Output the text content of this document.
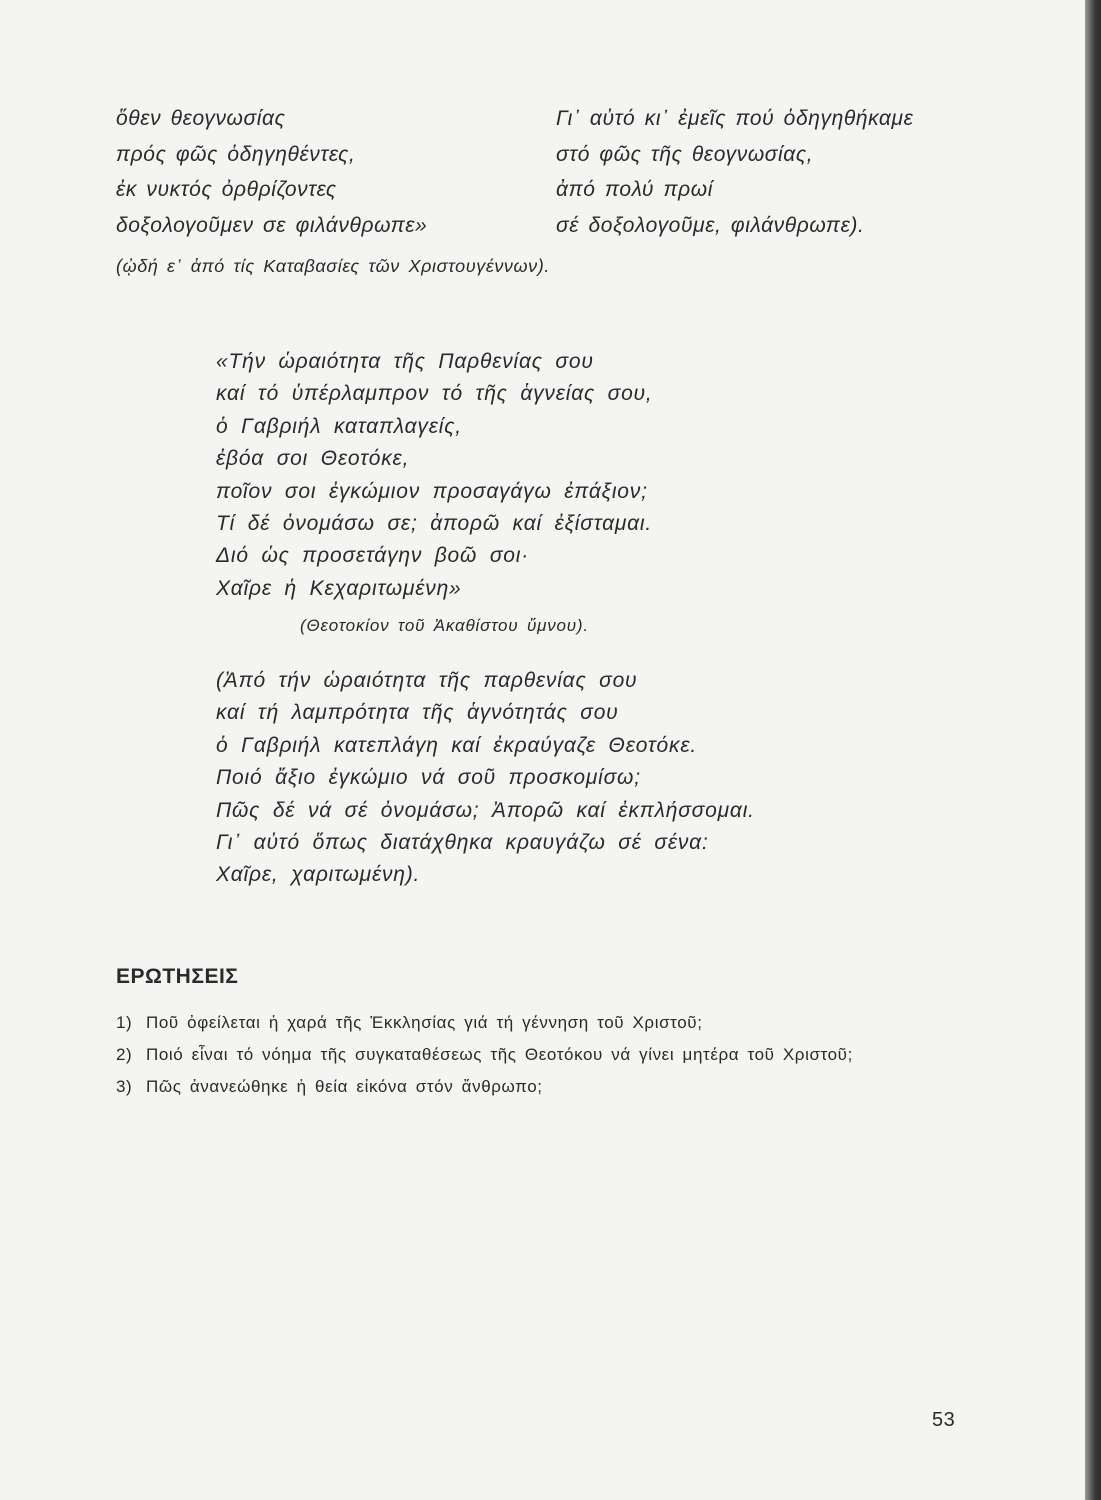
ὅθεν θεογνωσίας
πρός φῶς ὁδηγηθέντες,
ἐκ νυκτός ὀρθρίζοντες
δοξολογοῦμεν σε φιλάνθρωπε»
Γι᾿ αὐτό κι᾿ ἐμεῖς πού ὁδηγηθήκαμε
στό φῶς τῆς θεογνωσίας,
ἀπό πολύ πρωί
σέ δοξολογοῦμε, φιλάνθρωπε).
(ᾠδή ε᾿ ἀπό τίς Καταβασίες τῶν Χριστουγέννων).
«Τήν ὡραιότητα τῆς Παρθενίας σου
καί τό ὑπέρλαμπρον τό τῆς ἁγνείας σου,
ὁ Γαβριήλ καταπλαγείς,
ἐβόα σοι Θεοτόκε,
ποῖον σοι ἐγκώμιον προσαγάγω ἐπάξιον;
Τί δέ ὀνομάσω σε; ἀπορῶ καί ἐξίσταμαι.
Διό ὡς προσετάγην βοῶ σοι·
Χαῖρε ἡ Κεχαριτωμένη»
(Θεοτοκίον τοῦ Ἀκαθίστου ὕμνου).
(Ἀπό τήν ὡραιότητα τῆς παρθενίας σου
καί τή λαμπρότητα τῆς ἁγνότητάς σου
ὁ Γαβριήλ κατεπλάγη καί ἐκραύγαζε Θεοτόκε.
Ποιό ἄξιο ἐγκώμιο νά σοῦ προσκομίσω;
Πῶς δέ νά σέ ὀνομάσω; Ἀπορῶ καί ἐκπλήσσομαι.
Γι᾿ αὐτό ὅπως διατάχθηκα κραυγάζω σέ σένα:
Χαῖρε, χαριτωμένη).
ΕΡΩΤΗΣΕΙΣ
1) Ποῦ ὀφείλεται ἡ χαρά τῆς Ἐκκλησίας γιά τή γέννηση τοῦ Χριστοῦ;
2) Ποιό εἶναι τό νόημα τῆς συγκαταθέσεως τῆς Θεοτόκου νά γίνει μητέρα τοῦ Χριστοῦ;
3) Πῶς ἀνανεώθηκε ἡ θεία εἰκόνα στόν ἄνθρωπο;
53
